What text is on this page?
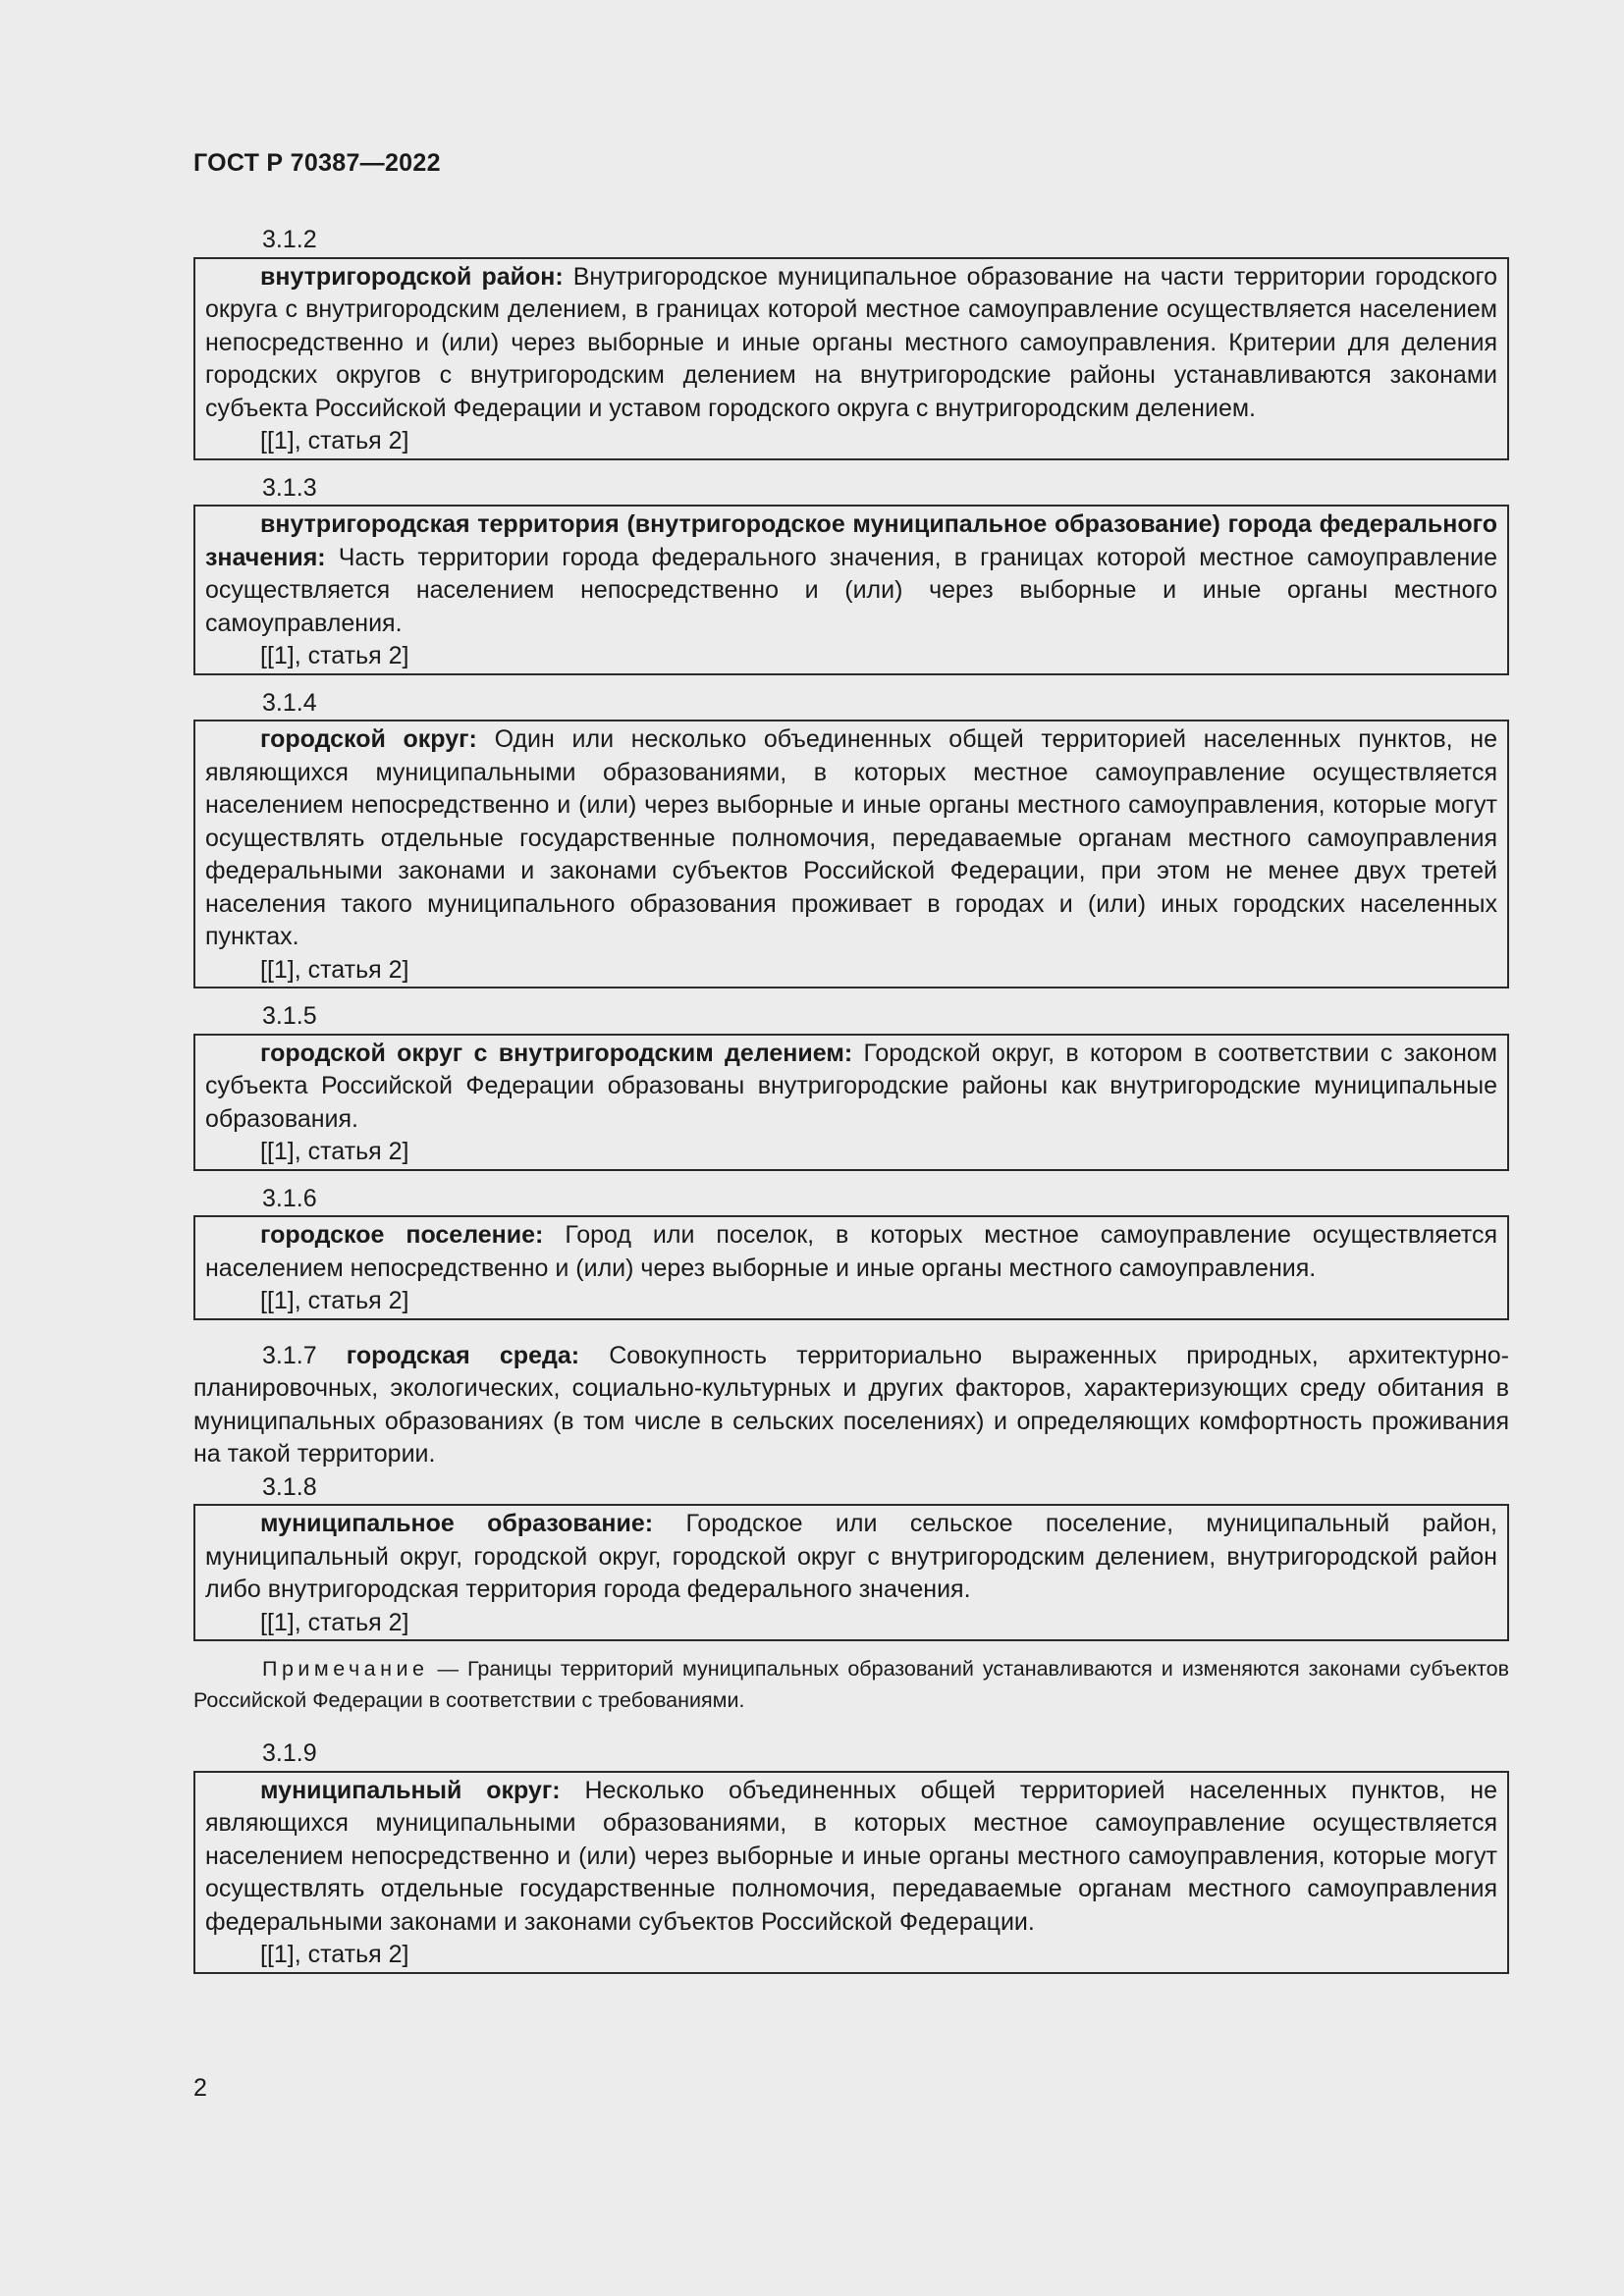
ГОСТ Р 70387—2022

3.1.2

внутригородской район: Внутригородское муниципальное образование на части территории городского округа с внутригородским делением, в границах которой местное самоуправление осуществляется населением непосредственно и (или) через выборные и иные органы местного самоуправления. Критерии для деления городских округов с внутригородским делением на внутригородские районы устанавливаются законами субъекта Российской Федерации и уставом городского округа с внутригородским делением.

[[1], статья 2]

3.1.3

внутригородская территория (внутригородское муниципальное образование) города федерального значения: Часть территории города федерального значения, в границах которой местное самоуправление осуществляется населением непосредственно и (или) через выборные и иные органы местного самоуправления.

[[1], статья 2]

3.1.4

городской округ: Один или несколько объединенных общей территорией населенных пунктов, не являющихся муниципальными образованиями, в которых местное самоуправление осуществляется населением непосредственно и (или) через выборные и иные органы местного самоуправления, которые могут осуществлять отдельные государственные полномочия, передаваемые органам местного самоуправления федеральными законами и законами субъектов Российской Федерации, при этом не менее двух третей населения такого муниципального образования проживает в городах и (или) иных городских населенных пунктах.

[[1], статья 2]

3.1.5

городской округ с внутригородским делением: Городской округ, в котором в соответствии с законом субъекта Российской Федерации образованы внутригородские районы как внутригородские муниципальные образования.

[[1], статья 2]

3.1.6

городское поселение: Город или поселок, в которых местное самоуправление осуществляется населением непосредственно и (или) через выборные и иные органы местного самоуправления.

[[1], статья 2]

3.1.7 городская среда: Совокупность территориально выраженных природных, архитектурно-планировочных, экологических, социально-культурных и других факторов, характеризующих среду обитания в муниципальных образованиях (в том числе в сельских поселениях) и определяющих комфортность проживания на такой территории.

3.1.8

муниципальное образование: Городское или сельское поселение, муниципальный район, муниципальный округ, городской округ, городской округ с внутригородским делением, внутригородской район либо внутригородская территория города федерального значения.

[[1], статья 2]

Примечание — Границы территорий муниципальных образований устанавливаются и изменяются законами субъектов Российской Федерации в соответствии с требованиями.

3.1.9

муниципальный округ: Несколько объединенных общей территорией населенных пунктов, не являющихся муниципальными образованиями, в которых местное самоуправление осуществляется населением непосредственно и (или) через выборные и иные органы местного самоуправления, которые могут осуществлять отдельные государственные полномочия, передаваемые органам местного самоуправления федеральными законами и законами субъектов Российской Федерации.

[[1], статья 2]

2
